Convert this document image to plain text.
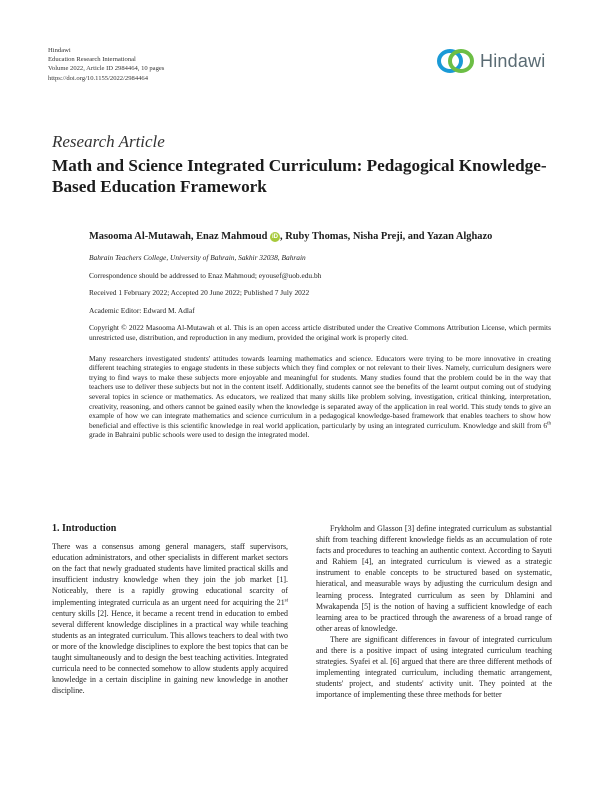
Hindawi
Education Research International
Volume 2022, Article ID 2984464, 10 pages
https://doi.org/10.1155/2022/2984464
Hindawi
Research Article
Math and Science Integrated Curriculum: Pedagogical Knowledge-Based Education Framework
Masooma Al-Mutawah, Enaz Mahmoud iD , Ruby Thomas, Nisha Preji, and Yazan Alghazo
Bahrain Teachers College, University of Bahrain, Sakhir 32038, Bahrain
Correspondence should be addressed to Enaz Mahmoud; eyousef@uob.edu.bh
Received 1 February 2022; Accepted 20 June 2022; Published 7 July 2022
Academic Editor: Edward M. Adlaf
Copyright © 2022 Masooma Al-Mutawah et al. This is an open access article distributed under the Creative Commons Attribution License, which permits unrestricted use, distribution, and reproduction in any medium, provided the original work is properly cited.
Many researchers investigated students' attitudes towards learning mathematics and science. Educators were trying to be more innovative in creating different teaching strategies to engage students in these subjects which they find complex or not relevant to their lives. Namely, curriculum designers were trying to find ways to make these subjects more enjoyable and meaningful for students. Many studies found that the problem could be in the way that teachers use to deliver these subjects but not in the content itself. Additionally, students cannot see the benefits of the learnt output coming out of studying several topics in science or mathematics. As educators, we realized that many skills like problem solving, investigation, critical thinking, interpretation, creativity, reasoning, and others cannot be gained easily when the knowledge is separated away of the application in real world. This study tends to give an example of how we can integrate mathematics and science curriculum in a pedagogical knowledge-based framework that enables teachers to show how beneficial and effective is this scientific knowledge in real world application, particularly by using an integrated curriculum. Knowledge and skill from 6th grade in Bahraini public schools were used to design the integrated model.
1. Introduction

There was a consensus among general managers, staff supervisors, education administrators, and other specialists in different market sectors on the fact that newly graduated students have limited practical skills and insufficient industry knowledge when they join the job market [1]. Noticeably, there is a rapidly growing educational scarcity of implementing integrated curricula as an urgent need for acquiring the 21st century skills [2]. Hence, it became a recent trend in education to embed several different knowledge disciplines in a practical way while teaching students as an integrated curriculum. This allows teachers to deal with two or more of the knowledge disciplines to explore the best topics that can be taught simultaneously and to design the best teaching activities. Integrated curricula need to be connected somehow to allow students apply acquired knowledge in a certain discipline in gaining new knowledge in another discipline.

Frykholm and Glasson [3] define integrated curriculum as substantial shift from teaching different knowledge fields as an accumulation of rote facts and procedures to teaching an authentic context. According to Sayuti and Rahiem [4], an integrated curriculum is viewed as a strategic instrument to enable concepts to be structured based on systematic, hieratical, and measurable ways by adjusting the curriculum design and learning process. Integrated curriculum as seen by Dhlamini and Mwakapenda [5] is the notion of having a sufficient knowledge of each learning area to be practiced through the awareness of a broad range of other areas of knowledge.

There are significant differences in favour of integrated curriculum and there is a positive impact of using integrated curriculum teaching strategies. Syafei et al. [6] argued that there are three different methods of implementing integrated curriculum, including thematic arrangement, students' project, and students' activity unit. They pointed at the importance of implementing these three methods for better
